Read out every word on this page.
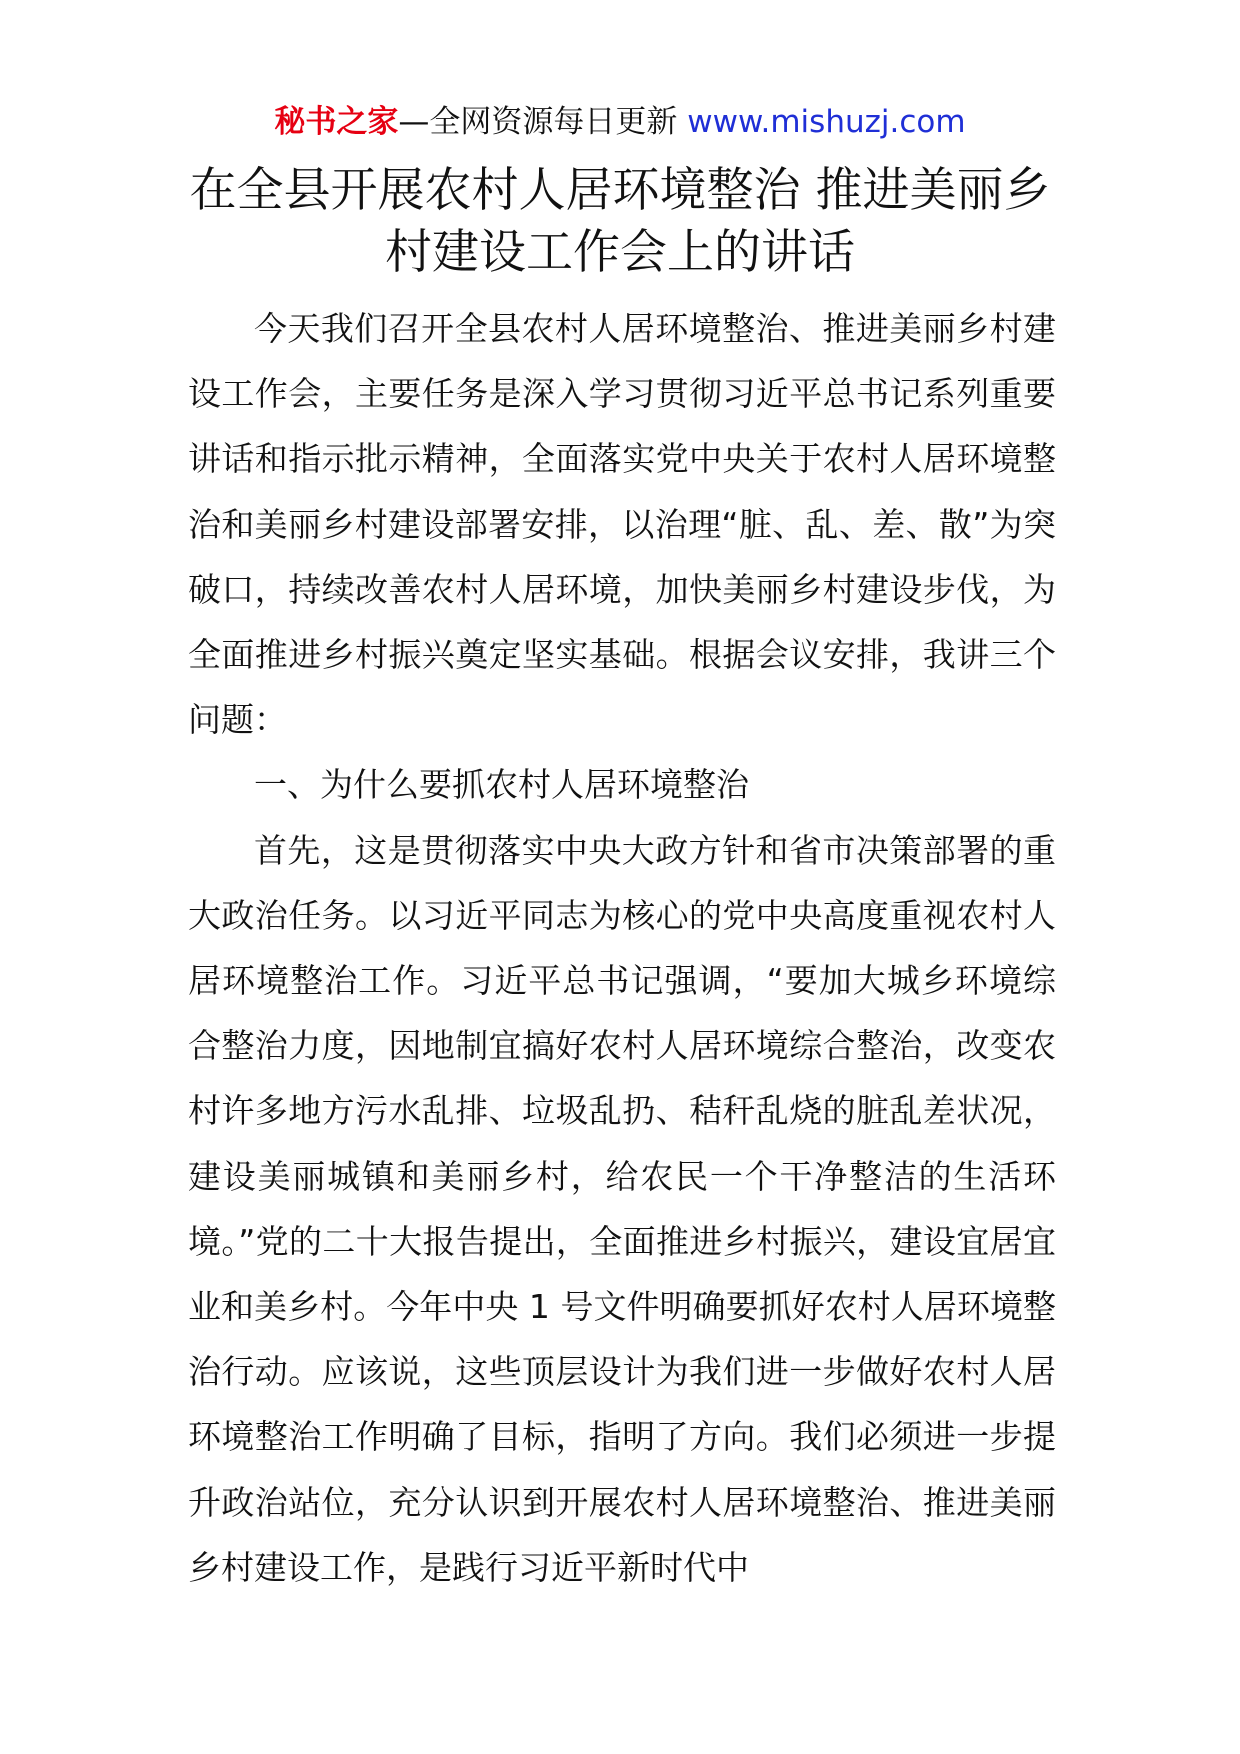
秘书之家—全网资源每日更新 www.mishuzj.com
在全县开展农村人居环境整治 推进美丽乡
村建设工作会上的讲话

今天我们召开全县农村人居环境整治、推进美丽乡村建设工作会，主要任务是深入学习贯彻习近平总书记系列重要讲话和指示批示精神，全面落实党中央关于农村人居环境整治和美丽乡村建设部署安排，以治理“脏、乱、差、散”为突破口，持续改善农村人居环境，加快美丽乡村建设步伐，为全面推进乡村振兴奠定坚实基础。根据会议安排，我讲三个问题：

一、为什么要抓农村人居环境整治

首先，这是贯彻落实中央大政方针和省市决策部署的重大政治任务。以习近平同志为核心的党中央高度重视农村人居环境整治工作。习近平总书记强调，“要加大城乡环境综合整治力度，因地制宜搞好农村人居环境综合整治，改变农村许多地方污水乱排、垃圾乱扔、秸秆乱烧的脏乱差状况，建设美丽城镇和美丽乡村，给农民一个干净整洁的生活环境。”党的二十大报告提出，全面推进乡村振兴，建设宜居宜业和美乡村。今年中央 1 号文件明确要抓好农村人居环境整治行动。应该说，这些顶层设计为我们进一步做好农村人居环境整治工作明确了目标，指明了方向。我们必须进一步提升政治站位，充分认识到开展农村人居环境整治、推进美丽乡村建设工作，是践行习近平新时代中
